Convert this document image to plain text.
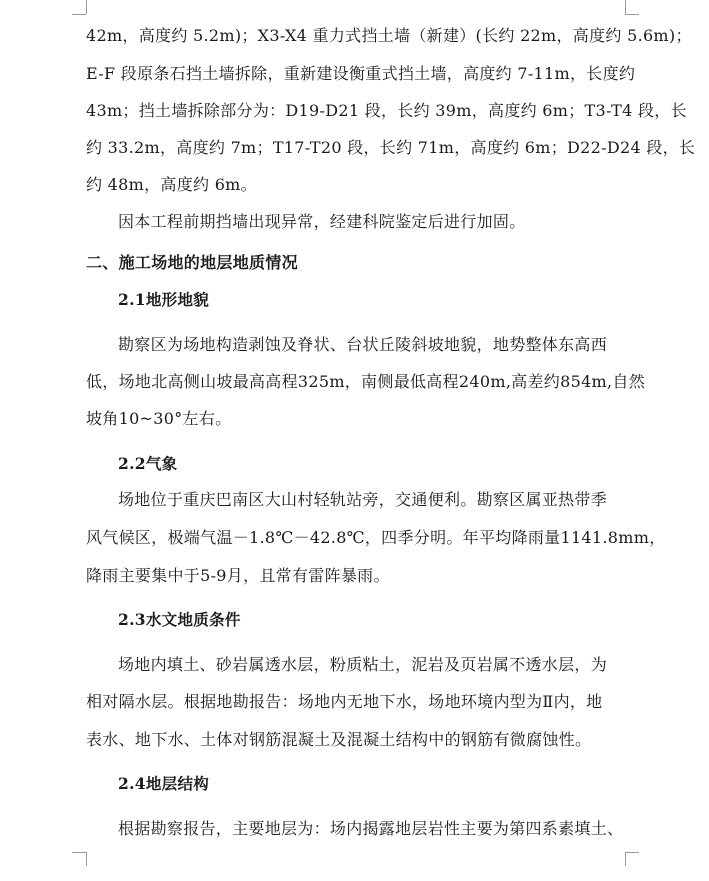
42m，高度约 5.2m)；X3-X4 重力式挡土墙（新建）(长约 22m，高度约 5.6m)；
E-F 段原条石挡土墙拆除，重新建设衡重式挡土墙，高度约 7-11m，长度约
43m；挡土墙拆除部分为：D19-D21 段，长约 39m，高度约 6m；T3-T4 段，长
约 33.2m，高度约 7m；T17-T20 段，长约 71m，高度约 6m；D22-D24 段，长
约 48m，高度约 6m。
因本工程前期挡墙出现异常，经建科院鉴定后进行加固。
二、施工场地的地层地质情况
2.1地形地貌
勘察区为场地构造剥蚀及脊状、台状丘陵斜坡地貌，地势整体东高西
低，场地北高侧山坡最高高程325m，南侧最低高程240m,高差约854m,自然
坡角10~30°左右。
2.2气象
场地位于重庆巴南区大山村轻轨站旁，交通便利。勘察区属亚热带季
风气候区，极端气温－1.8℃－42.8℃，四季分明。年平均降雨量1141.8mm，
降雨主要集中于5-9月，且常有雷阵暴雨。
2.3水文地质条件
场地内填土、砂岩属透水层，粉质粘土，泥岩及页岩属不透水层，为
相对隔水层。根据地勘报告：场地内无地下水，场地环境内型为Ⅱ内，地
表水、地下水、土体对钢筋混凝土及混凝土结构中的钢筋有微腐蚀性。
2.4地层结构
根据勘察报告，主要地层为：场内揭露地层岩性主要为第四系素填土、
